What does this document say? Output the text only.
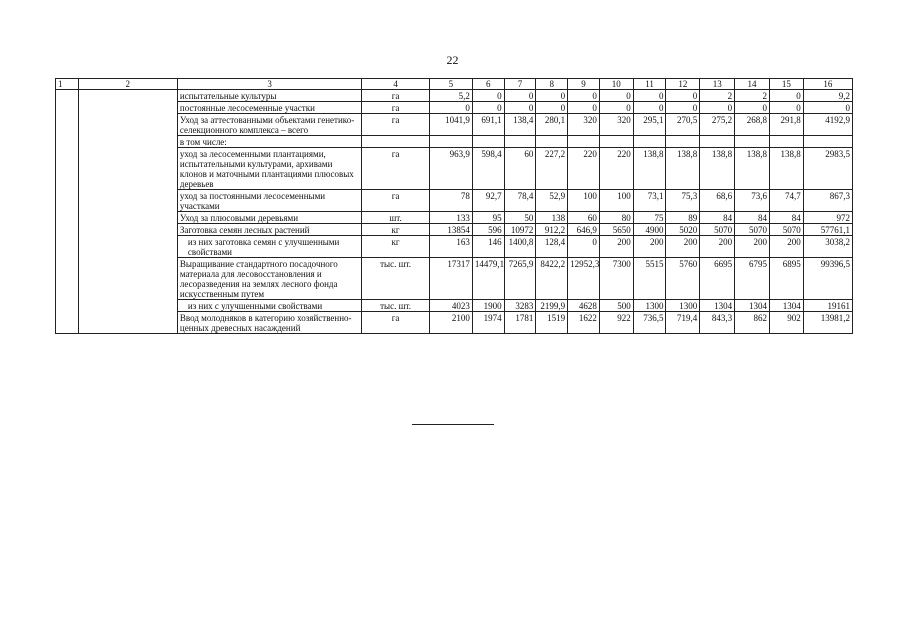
22
1	2	3	4	5	6	7	8	9	10	11	12	13	14	15	16
		испытательные культуры	га	5,2	0	0	0	0	0	0	0	2	2	0	9,2
		постоянные лесосеменные участки	га	0	0	0	0	0	0	0	0	0	0	0	0
		Уход за аттестованными объектами генетико-селекционного комплекса – всего	га	1041,9	691,1	138,4	280,1	320	320	295,1	270,5	275,2	268,8	291,8	4192,9
		в том числе:													
		уход за лесосеменными плантациями, испытательными культурами, архивами клонов и маточными плантациями плюсовых деревьев	га	963,9	598,4	60	227,2	220	220	138,8	138,8	138,8	138,8	138,8	2983,5
		уход за постоянными лесосеменными участками	га	78	92,7	78,4	52,9	100	100	73,1	75,3	68,6	73,6	74,7	867,3
		Уход за плюсовыми деревьями	шт.	133	95	50	138	60	80	75	89	84	84	84	972
		Заготовка семян лесных растений	кг	13854	596	10972	912,2	646,9	5650	4900	5020	5070	5070	5070	57761,1
		из них заготовка семян с улучшенными свойствами	кг	163	146	1400,8	128,4	0	200	200	200	200	200	200	3038,2
		Выращивание стандартного посадочного материала для лесовосстановления и лесоразведения на землях лесного фонда искусственным путем	тыс. шт.	17317	14479,1	7265,9	8422,2	12952,3	7300	5515	5760	6695	6795	6895	99396,5
		из них с улучшенными свойствами	тыс. шт.	4023	1900	3283	2199,9	4628	500	1300	1300	1304	1304	1304	19161
		Ввод молодняков в категорию хозяйственно-ценных древесных насаждений	га	2100	1974	1781	1519	1622	922	736,5	719,4	843,3	862	902	13981,2
